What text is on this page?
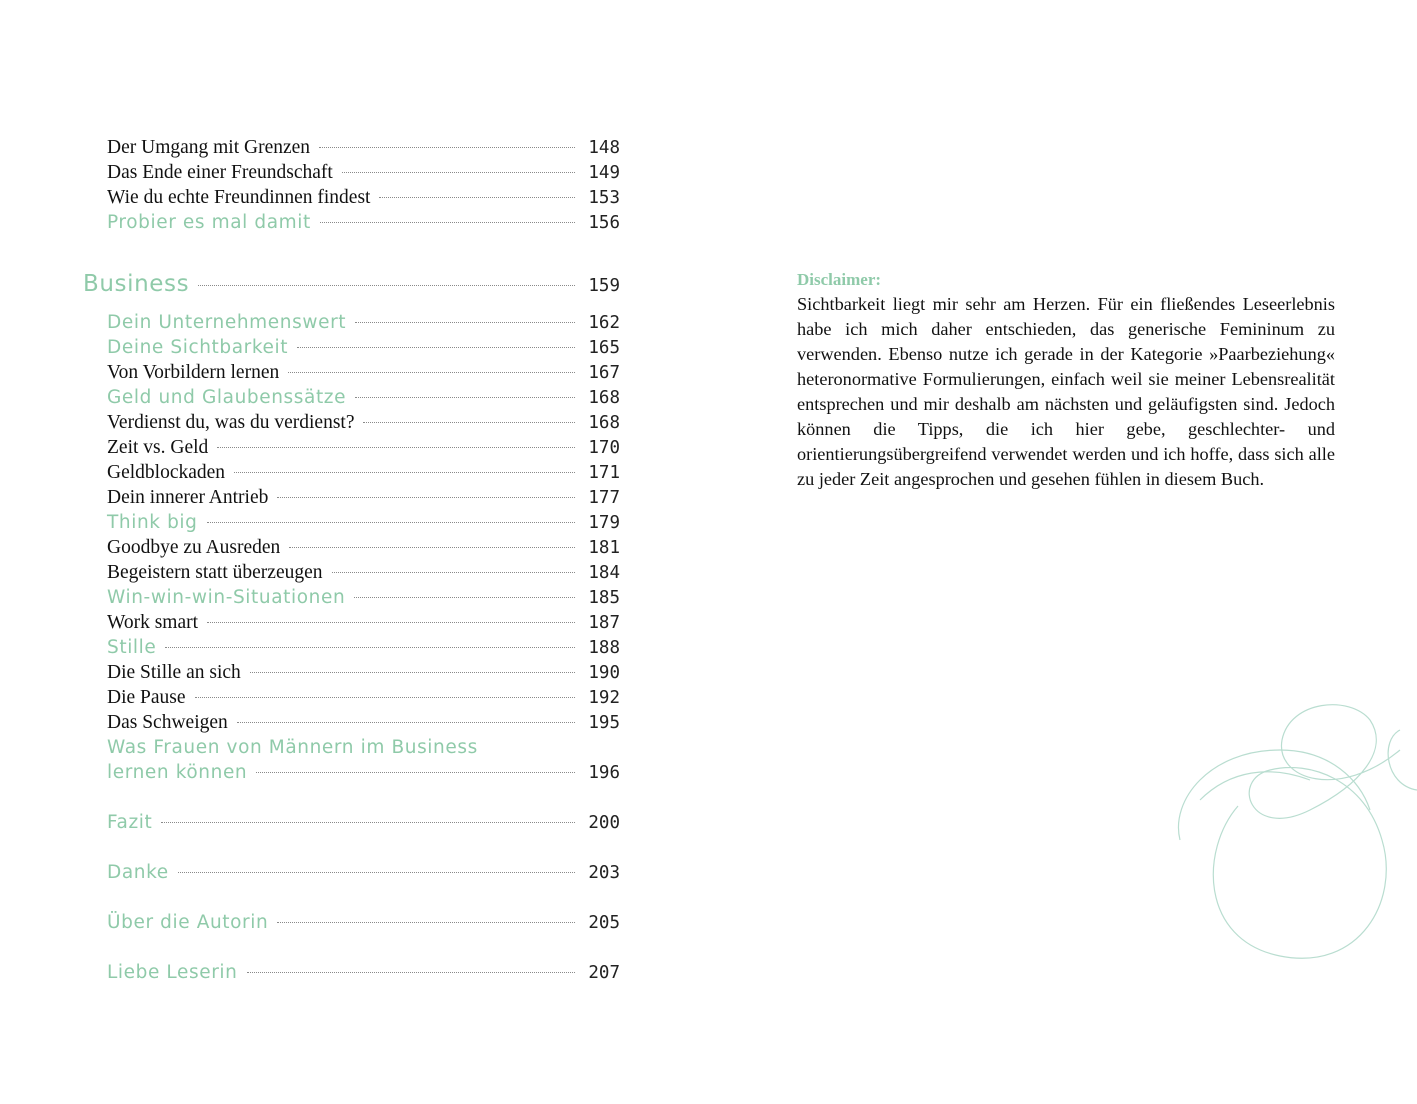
Der Umgang mit Grenzen	148
Das Ende einer Freundschaft	149
Wie du echte Freundinnen findest	153
Probier es mal damit	156
Business	159
Dein Unternehmenswert	162
Deine Sichtbarkeit	165
Von Vorbildern lernen	167
Geld und Glaubenssätze	168
Verdienst du, was du verdienst?	168
Zeit vs. Geld	170
Geldblockaden	171
Dein innerer Antrieb	177
Think big	179
Goodbye zu Ausreden	181
Begeistern statt überzeugen	184
Win-win-win-Situationen	185
Work smart	187
Stille	188
Die Stille an sich	190
Die Pause	192
Das Schweigen	195
Was Frauen von Männern im Business
lernen können	196
Fazit	200
Danke	203
Über die Autorin	205
Liebe Leserin	207
Disclaimer:

Sichtbarkeit liegt mir sehr am Herzen. Für ein fließendes Leseerlebnis habe ich mich daher entschieden, das generische Femininum zu verwenden. Ebenso nutze ich gerade in der Kategorie »Paarbeziehung« heteronormative Formulierungen, einfach weil sie meiner Lebensrealität entsprechen und mir deshalb am nächsten und geläufigsten sind. Jedoch können die Tipps, die ich hier gebe, geschlechter- und orientierungsübergreifend verwendet werden und ich hoffe, dass sich alle zu jeder Zeit angesprochen und gesehen fühlen in diesem Buch.
